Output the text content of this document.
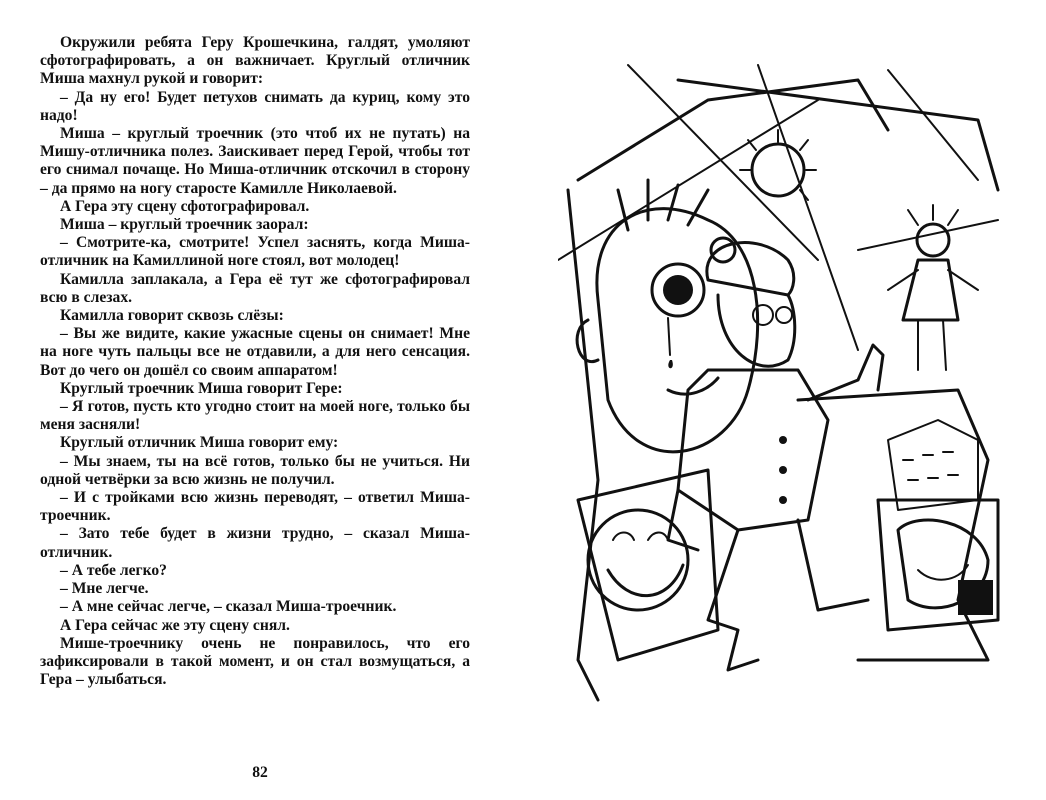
Окружили ребята Геру Крошечкина, галдят, умоляют сфотографировать, а он важничает. Круглый отличник Миша махнул рукой и говорит:

– Да ну его! Будет петухов снимать да куриц, кому это надо!

Миша – круглый троечник (это чтоб их не путать) на Мишу-отличника полез. Заискивает перед Герой, чтобы тот его снимал почаще. Но Миша-отличник отскочил в сторону – да прямо на ногу старосте Камилле Николаевой.

А Гера эту сцену сфотографировал.

Миша – круглый троечник заорал:

– Смотрите-ка, смотрите! Успел заснять, когда Миша-отличник на Камиллиной ноге стоял, вот молодец!

Камилла заплакала, а Гера её тут же сфотографировал всю в слезах.

Камилла говорит сквозь слёзы:

– Вы же видите, какие ужасные сцены он снимает! Мне на ноге чуть пальцы все не отдавили, а для него сенсация. Вот до чего он дошёл со своим аппаратом!

Круглый троечник Миша говорит Гере:

– Я готов, пусть кто угодно стоит на моей ноге, только бы меня засняли!

Круглый отличник Миша говорит ему:

– Мы знаем, ты на всё готов, только бы не учиться. Ни одной четвёрки за всю жизнь не получил.

– И с тройками всю жизнь переводят, – ответил Миша-троечник.

– Зато тебе будет в жизни трудно, – сказал Миша-отличник.

– А тебе легко?

– Мне легче.

– А мне сейчас легче, – сказал Миша-троечник.

А Гера сейчас же эту сцену снял.

Мише-троечнику очень не понравилось, что его зафиксировали в такой момент, и он стал возмущаться, а Гера – улыбаться.

82
